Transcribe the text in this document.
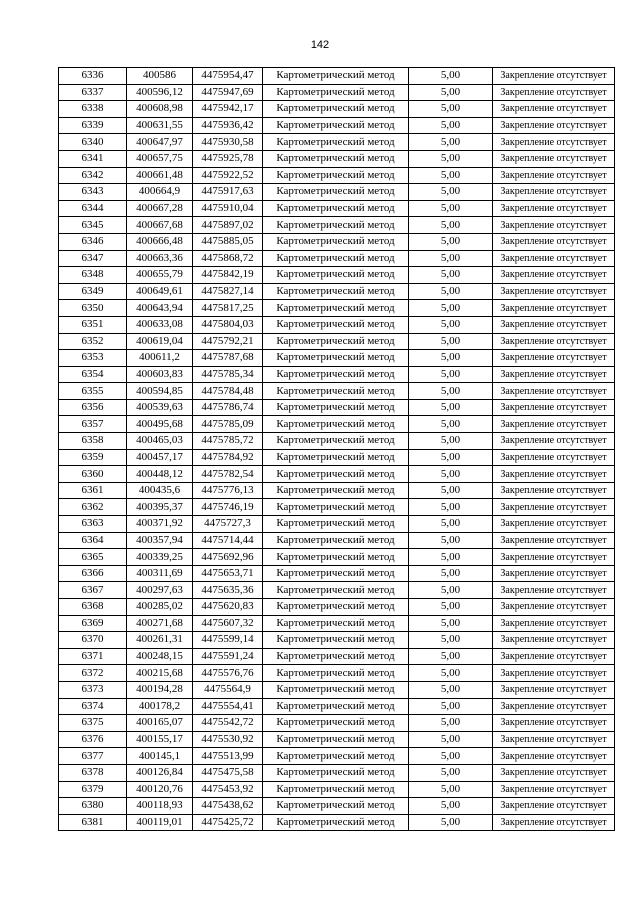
142
6336	400586	4475954,47	Картометрический метод	5,00	Закрепление отсутствует
6337	400596,12	4475947,69	Картометрический метод	5,00	Закрепление отсутствует
6338	400608,98	4475942,17	Картометрический метод	5,00	Закрепление отсутствует
6339	400631,55	4475936,42	Картометрический метод	5,00	Закрепление отсутствует
6340	400647,97	4475930,58	Картометрический метод	5,00	Закрепление отсутствует
6341	400657,75	4475925,78	Картометрический метод	5,00	Закрепление отсутствует
6342	400661,48	4475922,52	Картометрический метод	5,00	Закрепление отсутствует
6343	400664,9	4475917,63	Картометрический метод	5,00	Закрепление отсутствует
6344	400667,28	4475910,04	Картометрический метод	5,00	Закрепление отсутствует
6345	400667,68	4475897,02	Картометрический метод	5,00	Закрепление отсутствует
6346	400666,48	4475885,05	Картометрический метод	5,00	Закрепление отсутствует
6347	400663,36	4475868,72	Картометрический метод	5,00	Закрепление отсутствует
6348	400655,79	4475842,19	Картометрический метод	5,00	Закрепление отсутствует
6349	400649,61	4475827,14	Картометрический метод	5,00	Закрепление отсутствует
6350	400643,94	4475817,25	Картометрический метод	5,00	Закрепление отсутствует
6351	400633,08	4475804,03	Картометрический метод	5,00	Закрепление отсутствует
6352	400619,04	4475792,21	Картометрический метод	5,00	Закрепление отсутствует
6353	400611,2	4475787,68	Картометрический метод	5,00	Закрепление отсутствует
6354	400603,83	4475785,34	Картометрический метод	5,00	Закрепление отсутствует
6355	400594,85	4475784,48	Картометрический метод	5,00	Закрепление отсутствует
6356	400539,63	4475786,74	Картометрический метод	5,00	Закрепление отсутствует
6357	400495,68	4475785,09	Картометрический метод	5,00	Закрепление отсутствует
6358	400465,03	4475785,72	Картометрический метод	5,00	Закрепление отсутствует
6359	400457,17	4475784,92	Картометрический метод	5,00	Закрепление отсутствует
6360	400448,12	4475782,54	Картометрический метод	5,00	Закрепление отсутствует
6361	400435,6	4475776,13	Картометрический метод	5,00	Закрепление отсутствует
6362	400395,37	4475746,19	Картометрический метод	5,00	Закрепление отсутствует
6363	400371,92	4475727,3	Картометрический метод	5,00	Закрепление отсутствует
6364	400357,94	4475714,44	Картометрический метод	5,00	Закрепление отсутствует
6365	400339,25	4475692,96	Картометрический метод	5,00	Закрепление отсутствует
6366	400311,69	4475653,71	Картометрический метод	5,00	Закрепление отсутствует
6367	400297,63	4475635,36	Картометрический метод	5,00	Закрепление отсутствует
6368	400285,02	4475620,83	Картометрический метод	5,00	Закрепление отсутствует
6369	400271,68	4475607,32	Картометрический метод	5,00	Закрепление отсутствует
6370	400261,31	4475599,14	Картометрический метод	5,00	Закрепление отсутствует
6371	400248,15	4475591,24	Картометрический метод	5,00	Закрепление отсутствует
6372	400215,68	4475576,76	Картометрический метод	5,00	Закрепление отсутствует
6373	400194,28	4475564,9	Картометрический метод	5,00	Закрепление отсутствует
6374	400178,2	4475554,41	Картометрический метод	5,00	Закрепление отсутствует
6375	400165,07	4475542,72	Картометрический метод	5,00	Закрепление отсутствует
6376	400155,17	4475530,92	Картометрический метод	5,00	Закрепление отсутствует
6377	400145,1	4475513,99	Картометрический метод	5,00	Закрепление отсутствует
6378	400126,84	4475475,58	Картометрический метод	5,00	Закрепление отсутствует
6379	400120,76	4475453,92	Картометрический метод	5,00	Закрепление отсутствует
6380	400118,93	4475438,62	Картометрический метод	5,00	Закрепление отсутствует
6381	400119,01	4475425,72	Картометрический метод	5,00	Закрепление отсутствует
